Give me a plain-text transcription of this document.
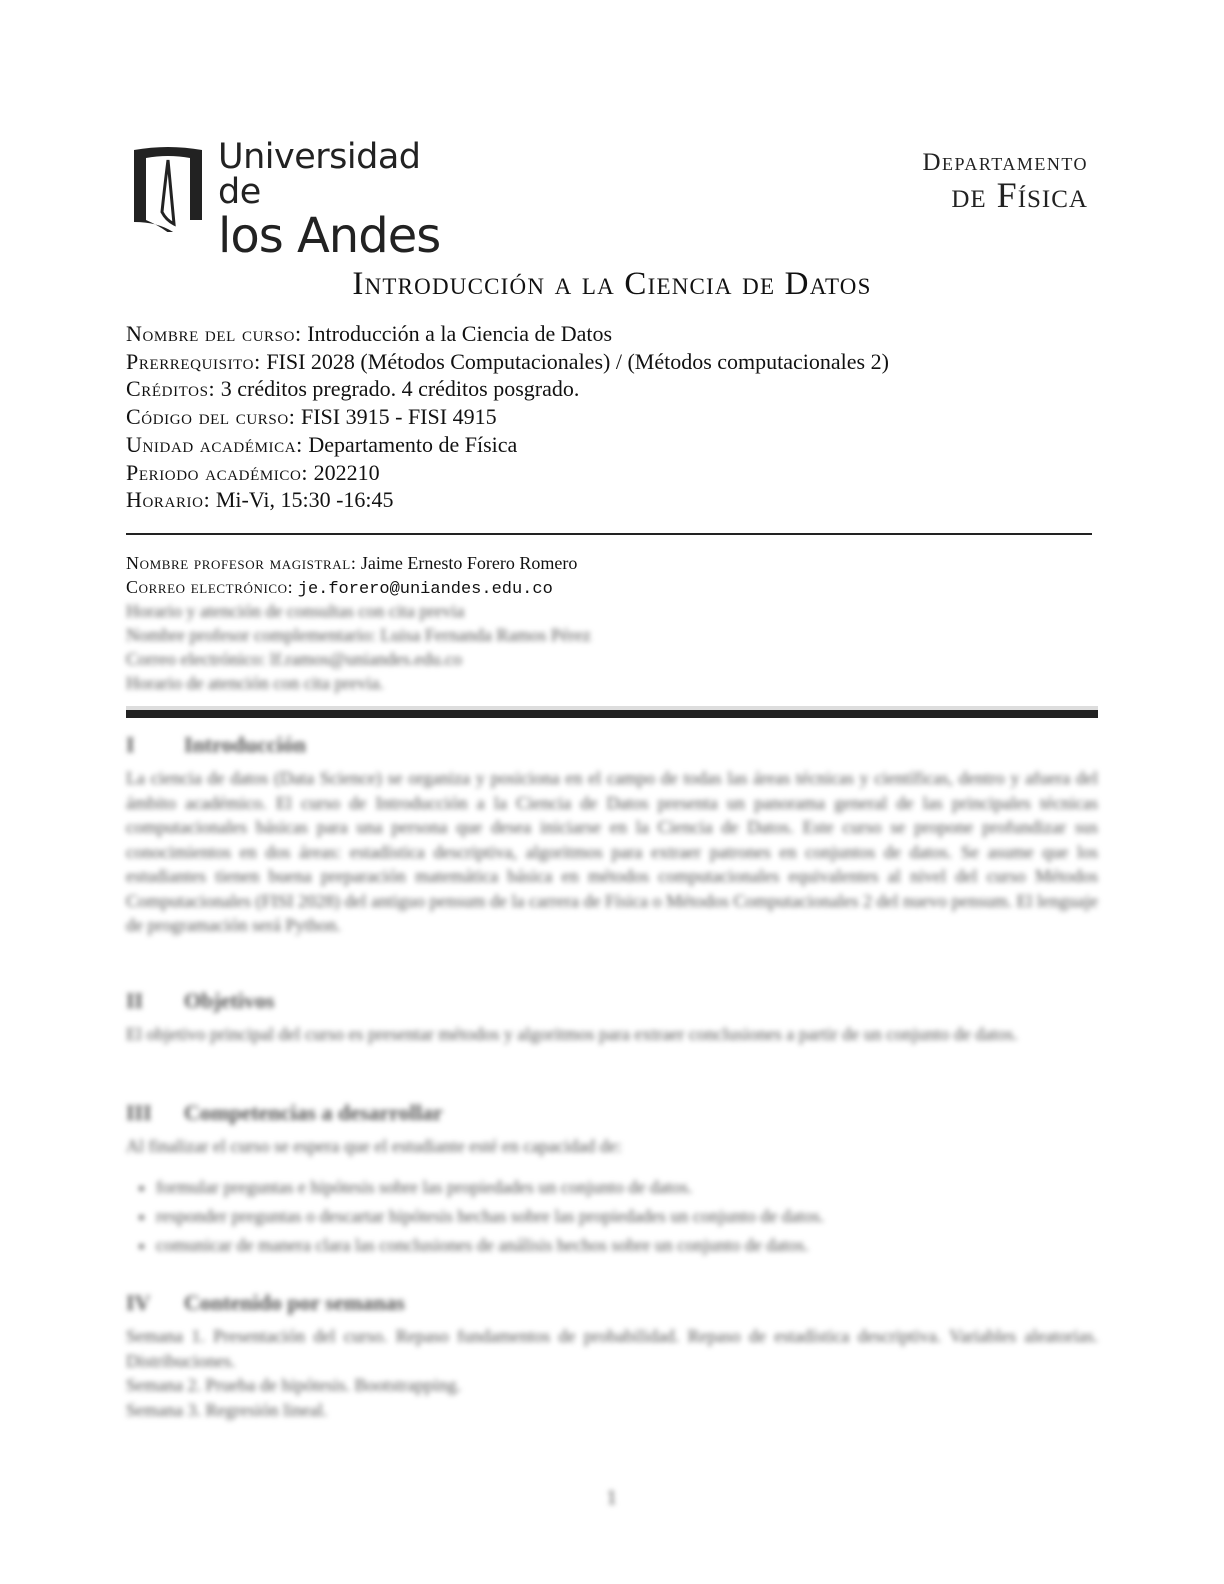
Universidad de
los Andes
Departamento
de Física
Introducción a la Ciencia de Datos
Nombre del curso: Introducción a la Ciencia de Datos
Prerrequisito: FISI 2028 (Métodos Computacionales) / (Métodos computacionales 2)
Créditos: 3 créditos pregrado. 4 créditos posgrado.
Código del curso: FISI 3915 - FISI 4915
Unidad académica: Departamento de Física
Periodo académico: 202210
Horario: Mi-Vi, 15:30 -16:45
Nombre profesor magistral: Jaime Ernesto Forero Romero
Correo electrónico: je.forero@uniandes.edu.co
Horario y atención de consultas con cita previa
Nombre profesor complementario: Luisa Fernanda Ramos Pérez
Correo electrónico: lf.ramos@uniandes.edu.co
Horario de atención con cita previa.
I Introducción

La ciencia de datos (Data Science) se organiza y posiciona en el campo de todas las áreas técnicas y científicas, dentro y afuera del ámbito académico. El curso de Introducción a la Ciencia de Datos presenta un panorama general de las principales técnicas computacionales básicas para una persona que desea iniciarse en la Ciencia de Datos. Este curso se propone profundizar sus conocimientos en dos áreas: estadística descriptiva, algoritmos para extraer patrones en conjuntos de datos. Se asume que los estudiantes tienen buena preparación matemática básica en métodos computacionales equivalentes al nivel del curso Métodos Computacionales (FISI 2028) del antiguo pensum de la carrera de Física o Métodos Computacionales 2 del nuevo pensum. El lenguaje de programación será Python.

II Objetivos

El objetivo principal del curso es presentar métodos y algoritmos para extraer conclusiones a partir de un conjunto de datos.

III Competencias a desarrollar

Al finalizar el curso se espera que el estudiante esté en capacidad de:

• formular preguntas e hipótesis sobre las propiedades un conjunto de datos.
• responder preguntas o descartar hipótesis hechas sobre las propiedades un conjunto de datos.
• comunicar de manera clara las conclusiones de análisis hechos sobre un conjunto de datos.
IV Contenido por semanas

Semana 1. Presentación del curso. Repaso fundamentos de probabilidad. Repaso de estadística descriptiva. Variables aleatorias. Distribuciones.

Semana 2. Prueba de hipótesis. Bootstrapping.

Semana 3. Regresión lineal.

1
